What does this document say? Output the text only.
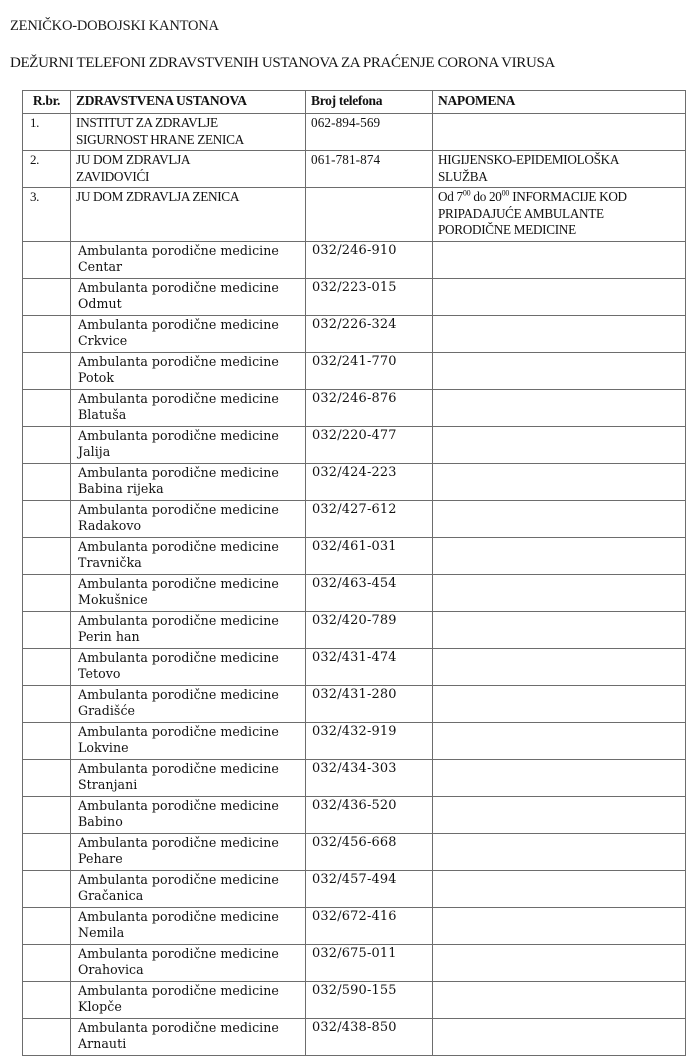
ZENIČKO-DOBOJSKI KANTONA
DEŽURNI TELEFONI ZDRAVSTVENIH USTANOVA ZA PRAĆENJE CORONA VIRUSA
R.br.	ZDRAVSTVENA USTANOVA	Broj telefona	NAPOMENA
1.	INSTITUT ZA ZDRAVLJE
SIGURNOST HRANE ZENICA	062-894-569	
2.	JU DOM ZDRAVLJA
ZAVIDOVIĆI	061-781-874	HIGIJENSKO-EPIDEMIOLOŠKA
SLUŽBA

3.	JU DOM ZDRAVLJA ZENICA		Od $7^{00}$ do $20^{00}$ INFORMACIJE KOD
PRIPADAJUĆE AMBULANTE
PORODIČNE MEDICINE

	Ambulanta porodične medicine
Centar	032/246-910	
	Ambulanta porodične medicine
Odmut	032/223-015	
	Ambulanta porodične medicine
Crkvice	032/226-324	
	Ambulanta porodične medicine
Potok	032/241-770	
	Ambulanta porodične medicine
Blatuša	032/246-876	
	Ambulanta porodične medicine
Jalija	032/220-477	
	Ambulanta porodične medicine
Babina rijeka	032/424-223	
	Ambulanta porodične medicine
Radakovo	032/427-612	
	Ambulanta porodične medicine
Travnička	032/461-031	
	Ambulanta porodične medicine
Mokušnice	032/463-454	
	Ambulanta porodične medicine
Perin han	032/420-789	
	Ambulanta porodične medicine
Tetovo	032/431-474	
	Ambulanta porodične medicine
Gradišće	032/431-280	
	Ambulanta porodične medicine
Lokvine	032/432-919	
	Ambulanta porodične medicine
Stranjani	032/434-303	
	Ambulanta porodične medicine
Babino	032/436-520	
	Ambulanta porodične medicine
Pehare	032/456-668	
	Ambulanta porodične medicine
Gračanica	032/457-494	
	Ambulanta porodične medicine
Nemila	032/672-416	
	Ambulanta porodične medicine
Orahovica	032/675-011	
	Ambulanta porodične medicine
Klopče	032/590-155	
	Ambulanta porodične medicine
Arnauti	032/438-850	
